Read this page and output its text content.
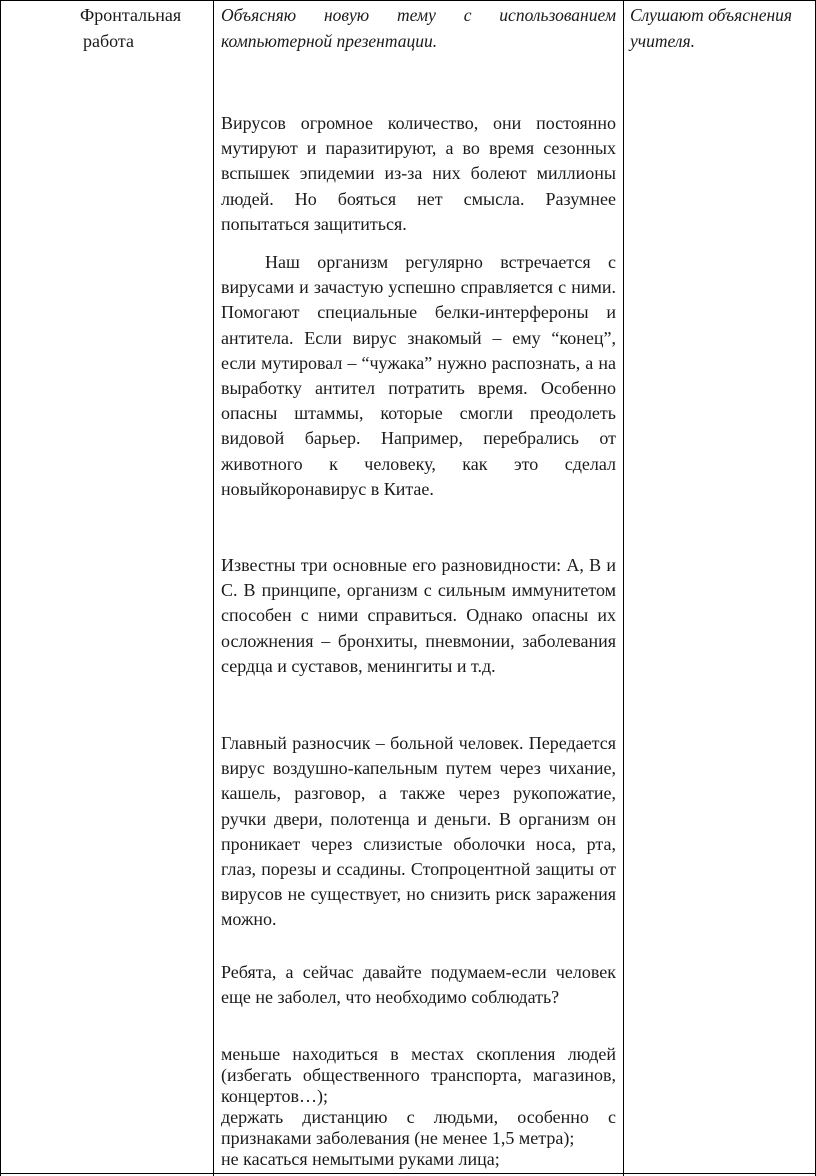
Фронтальная
работа
Объясняю новую тему с использованием компьютерной презентации.
Вирусов огромное количество, они постоянно мутируют и паразитируют, а во время сезонных вспышек эпидемии из-за них болеют миллионы людей. Но бояться нет смысла. Разумнее попытаться защититься.
Наш организм регулярно встречается с вирусами и зачастую успешно справляется с ними. Помогают специальные белки-интерфероны и антитела. Если вирус знакомый – ему “конец”, если мутировал – “чужака” нужно распознать, а на выработку антител потратить время. Особенно опасны штаммы, которые смогли преодолеть видовой барьер. Например, перебрались от животного к человеку, как это сделал новыйкоронавирус в Китае.
Известны три основные его разновидности: А, В и С. В принципе, организм с сильным иммунитетом способен с ними справиться. Однако опасны их осложнения – бронхиты, пневмонии, заболевания сердца и суставов, менингиты и т.д.
Главный разносчик – больной человек. Передается вирус воздушно-капельным путем через чихание, кашель, разговор, а также через рукопожатие, ручки двери, полотенца и деньги. В организм он проникает через слизистые оболочки носа, рта, глаз, порезы и ссадины. Стопроцентной защиты от вирусов не существует, но снизить риск заражения можно.
Ребята, а сейчас давайте подумаем-если человек еще не заболел, что необходимо соблюдать?
меньше находиться в местах скопления людей (избегать общественного транспорта, магазинов, концертов…);
держать дистанцию с людьми, особенно с признаками заболевания (не менее 1,5 метра);
не касаться немытыми руками лица;
Слушают объяснения учителя.
